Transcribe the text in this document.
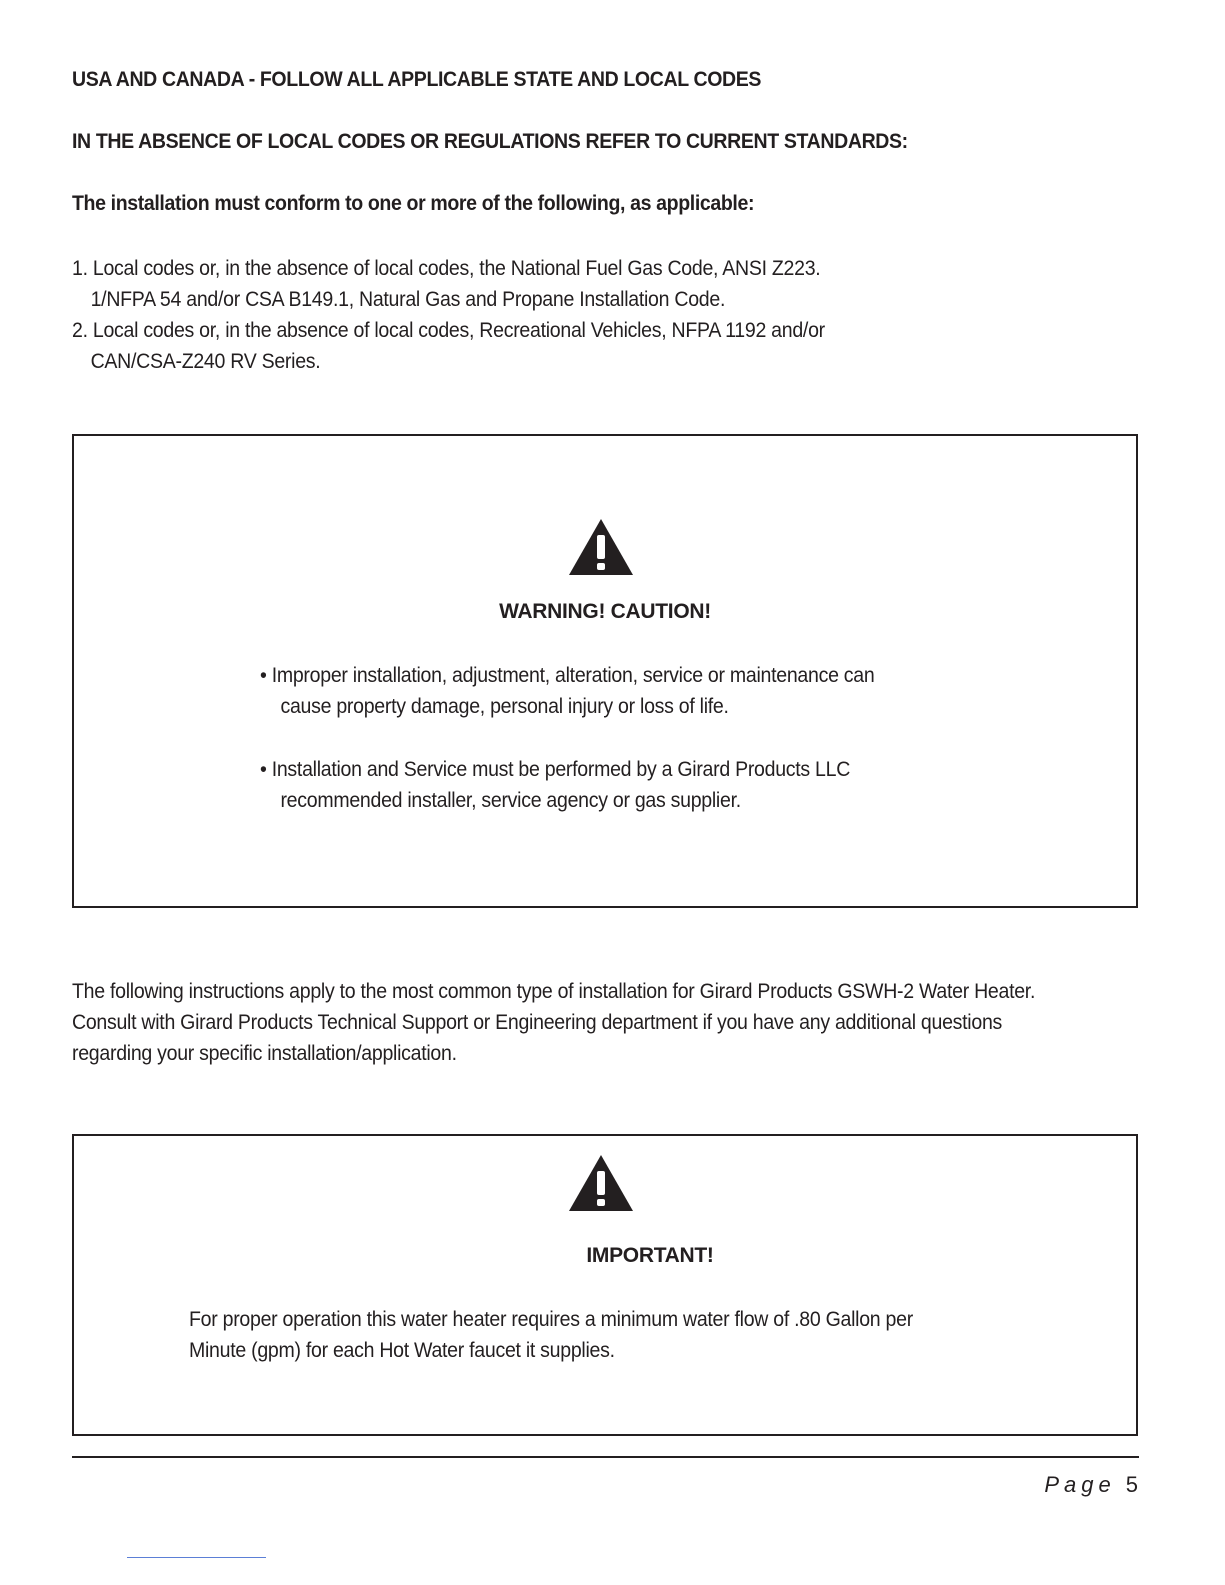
USA AND CANADA - FOLLOW ALL APPLICABLE STATE AND LOCAL CODES
IN THE ABSENCE OF LOCAL CODES OR REGULATIONS REFER TO CURRENT STANDARDS:
The installation must conform to one or more of the following, as applicable:
1. Local codes or, in the absence of local codes, the National Fuel Gas Code, ANSI Z223.
1/NFPA 54 and/or CSA B149.1, Natural Gas and Propane Installation Code.
2. Local codes or, in the absence of local codes, Recreational Vehicles, NFPA 1192 and/or
CAN/CSA-Z240 RV Series.
WARNING! CAUTION!
• Improper installation, adjustment, alteration, service or maintenance can
cause property damage, personal injury or loss of life.
• Installation and Service must be performed by a Girard Products LLC
recommended installer, service agency or gas supplier.
The following instructions apply to the most common type of installation for Girard Products GSWH-2 Water Heater.
Consult with Girard Products Technical Support or Engineering department if you have any additional questions
regarding your specific installation/application.
IMPORTANT!
For proper operation this water heater requires a minimum water flow of .80 Gallon per
Minute (gpm) for each Hot Water faucet it supplies.
Page 5
